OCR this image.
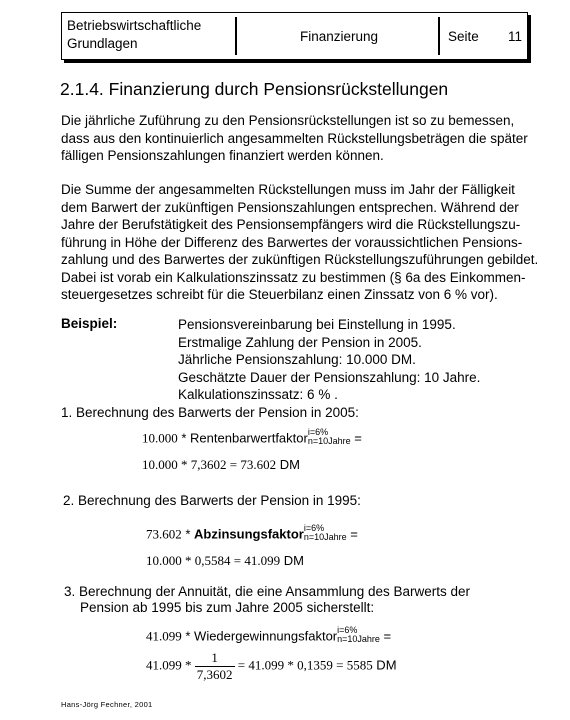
Betriebswirtschaftliche
Grundlagen	Finanzierung	Seite 11
2.1.4. Finanzierung durch Pensionsrückstellungen
Die jährliche Zuführung zu den Pensionsrückstellungen ist so zu bemessen,
dass aus den kontinuierlich angesammelten Rückstellungsbeträgen die später
fälligen Pensionszahlungen finanziert werden können.
Die Summe der angesammelten Rückstellungen muss im Jahr der Fälligkeit
dem Barwert der zukünftigen Pensionszahlungen entsprechen. Während der
Jahre der Berufstätigkeit des Pensionsempfängers wird die Rückstellungszu-
führung in Höhe der Differenz des Barwertes der voraussichtlichen Pensions-
zahlung und des Barwertes der zukünftigen Rückstellungszuführungen gebildet.
Dabei ist vorab ein Kalkulationszinssatz zu bestimmen (§ 6a des Einkommen-
steuergesetzes schreibt für die Steuerbilanz einen Zinssatz von 6 % vor).
Beispiel:	Pensionsvereinbarung bei Einstellung in 1995.
Erstmalige Zahlung der Pension in 2005.
Jährliche Pensionszahlung: 10.000 DM.
Geschätzte Dauer der Pensionszahlung: 10 Jahre.
Kalkulationszinssatz: 6 % .
1. Berechnung des Barwerts der Pension in 2005:
10.000 * Rentenbarwertfaktor i=6%
n=10Jahre =
10.000 * 7,3602 = 73.602 DM
2. Berechnung des Barwerts der Pension in 1995:
73.602 * Abzinsungsfaktor i=6%
n=10Jahre =
10.000 * 0,5584 = 41.099 DM
3. Berechnung der Annuität, die eine Ansammlung des Barwerts der
Pension ab 1995 bis zum Jahre 2005 sicherstellt:
41.099 * Wiedergewinnungsfaktor i=6%
n=10Jahre =
$41.099 * \frac{1}{7,3602} = 41.099 * 0,1359 = 5585$ DM
Hans-Jörg Fechner, 2001
